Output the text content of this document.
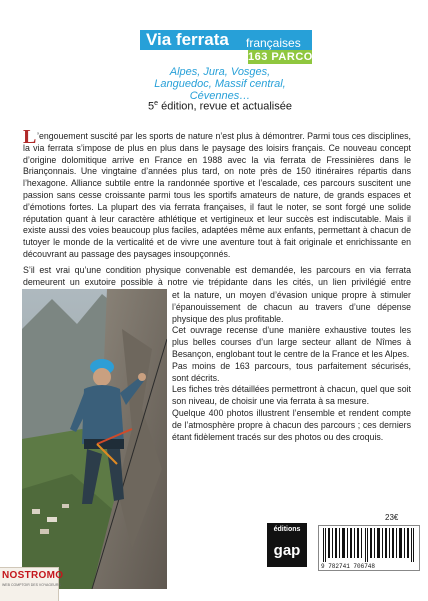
Via ferrata françaises
163 PARCOURS
Alpes, Jura, Vosges, Languedoc, Massif central, Cévennes…
5e édition, revue et actualisée
L ’engouement suscité par les sports de nature n’est plus à démontrer. Parmi tous ces disciplines, la via ferrata s’impose de plus en plus dans le paysage des loisirs français. Ce nouveau concept d’origine dolomitique arrive en France en 1988 avec la via ferrata de Fressinières dans le Briançonnais. Une vingtaine d’années plus tard, on note près de 150 itinéraires répartis dans l’hexagone. Alliance subtile entre la randonnée sportive et l’escalade, ces parcours suscitent une passion sans cesse croissante parmi tous les sportifs amateurs de nature, de grands espaces et d’émotions fortes. La plupart des via ferrata françaises, il faut le noter, se sont forgé une solide réputation quant à leur caractère athlétique et vertigineux et leur succès est indiscutable. Mais il existe aussi des voies beaucoup plus faciles, adaptées même aux enfants, permettant à chacun de tutoyer le monde de la verticalité et de vivre une aventure tout à fait originale et enrichissante en découvrant au passage des paysages insoupçonnés.
S’il est vrai qu’une condition physique convenable est demandée, les parcours en via ferrata demeurent un exutoire possible à notre vie trépidante dans les cités, un lien privilégié entre
et la nature, un moyen d’évasion unique propre à stimuler l’épanouissement de chacun au travers d’une dépense physique des plus profitable.
Cet ouvrage recense d’une manière exhaustive toutes les plus belles courses d’un large secteur allant de Nîmes à Besançon, englobant tout le centre de la France et les Alpes.
Pas moins de 163 parcours, tous parfaitement sécurisés, sont décrits.
Les fiches très détaillées permettront à chacun, quel que soit son niveau, de choisir une via ferrata à sa mesure.
Quelque 400 photos illustrent l’ensemble et rendent compte de l’atmosphère propre à chacun des parcours ; ces derniers étant fidèlement tracés sur des photos ou des croquis.
éditions
gap
23€
9 782741 706748
NOSTROMO
WEB COMPTOIR DES VOYAGEURS
